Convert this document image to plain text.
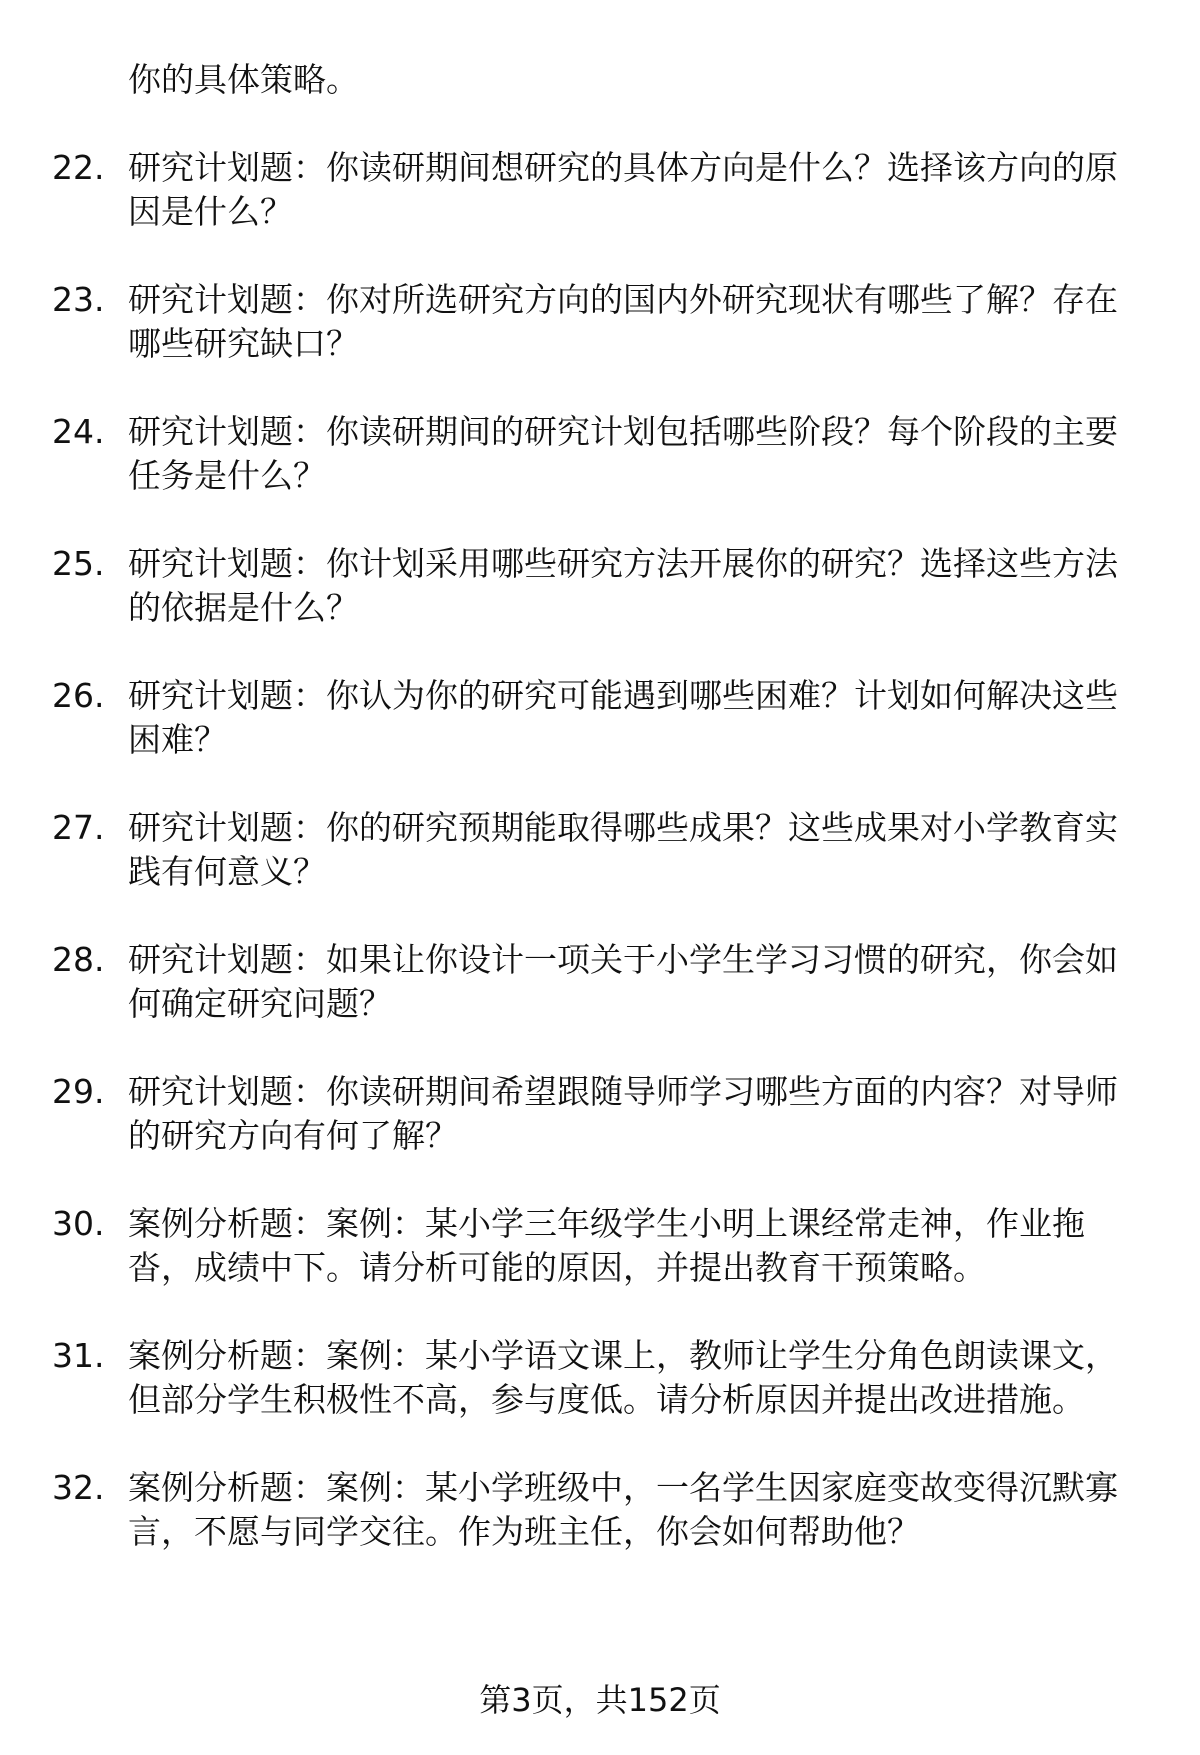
你的具体策略。
22. 研究计划题：你读研期间想研究的具体方向是什么？选择该方向的原因是什么？
23. 研究计划题：你对所选研究方向的国内外研究现状有哪些了解？存在哪些研究缺口？
24. 研究计划题：你读研期间的研究计划包括哪些阶段？每个阶段的主要任务是什么？
25. 研究计划题：你计划采用哪些研究方法开展你的研究？选择这些方法的依据是什么？
26. 研究计划题：你认为你的研究可能遇到哪些困难？计划如何解决这些困难？
27. 研究计划题：你的研究预期能取得哪些成果？这些成果对小学教育实践有何意义？
28. 研究计划题：如果让你设计一项关于小学生学习习惯的研究，你会如何确定研究问题？
29. 研究计划题：你读研期间希望跟随导师学习哪些方面的内容？对导师的研究方向有何了解？
30. 案例分析题：案例：某小学三年级学生小明上课经常走神，作业拖沓，成绩中下。请分析可能的原因，并提出教育干预策略。
31. 案例分析题：案例：某小学语文课上，教师让学生分角色朗读课文，但部分学生积极性不高，参与度低。请分析原因并提出改进措施。
32. 案例分析题：案例：某小学班级中，一名学生因家庭变故变得沉默寡言，不愿与同学交往。作为班主任，你会如何帮助他？
第3页，共152页
